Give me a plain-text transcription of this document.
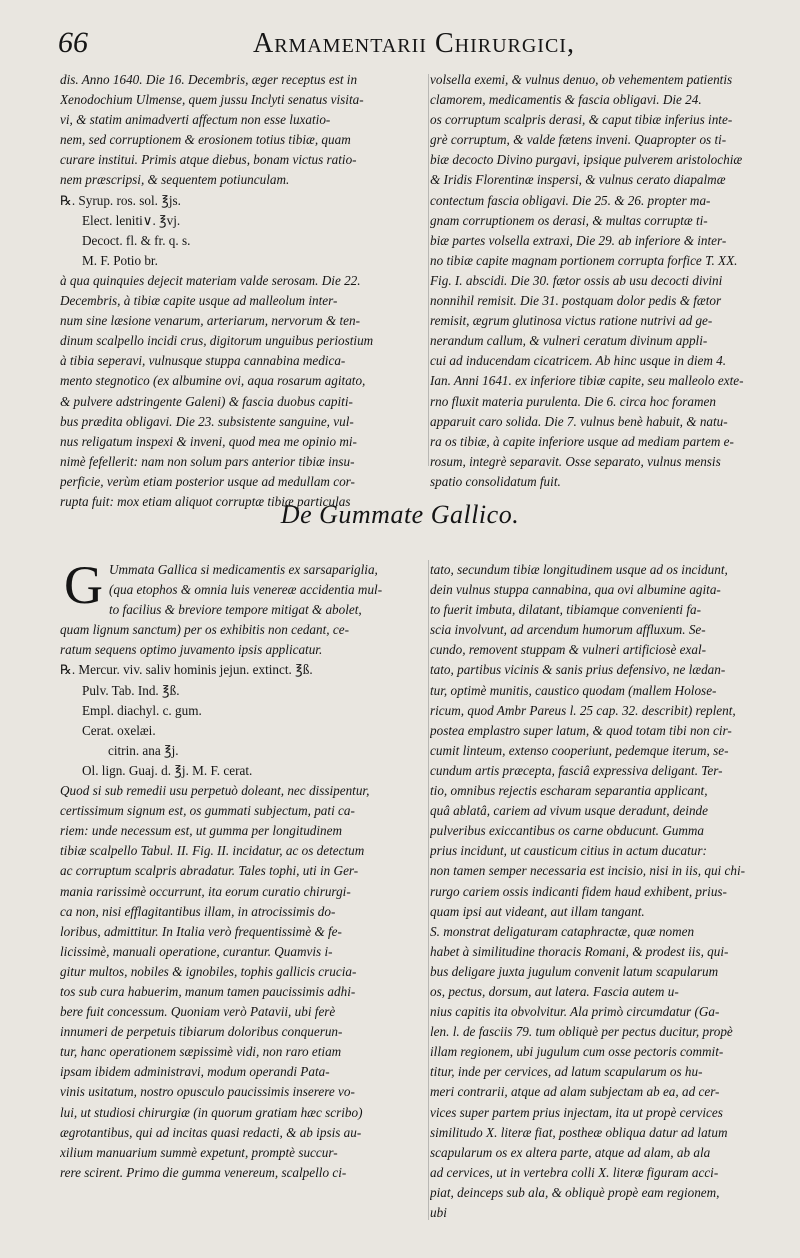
66	Armamentarii Chirurgici,
dis. Anno 1640. Die 16. Decembris, æger receptus est in
Xenodochium Ulmense, quem jussu Inclyti senatus visita-
vi, & statim animadverti affectum non esse luxatio-
nem, sed corruptionem & erosionem totius tibiæ, quam
curare institui. Primis atque diebus, bonam victus ratio-
nem præscripsi, & sequentem potiunculam.
℞. Syrup. ros. sol. ℥js.
Elect. leniti∨. ℥vj.
Decoct. fl. & fr. q. s.
M. F. Potio br.
à qua quinquies dejecit materiam valde serosam. Die 22.
Decembris, à tibiæ capite usque ad malleolum inter-
num sine læsione venarum, arteriarum, nervorum & ten-
dinum scalpello incidi crus, digitorum unguibus periostium
à tibia seperavi, vulnusque stuppa cannabina medica-
mento stegnotico (ex albumine ovi, aqua rosarum agitato,
& pulvere adstringente Galeni) & fascia duobus capiti-
bus prædita obligavi. Die 23. subsistente sanguine, vul-
nus religatum inspexi & inveni, quod mea me opinio mi-
nimè fefellerit: nam non solum pars anterior tibiæ insu-
perficie, verùm etiam posterior usque ad medullam cor-
rupta fuit: mox etiam aliquot corruptæ tibiæ particulas
volsella exemi, & vulnus denuo, ob vehementem patientis
clamorem, medicamentis & fascia obligavi. Die 24.
os corruptum scalpris derasi, & caput tibiæ inferius inte-
grè corruptum, & valde fætens inveni. Quapropter os ti-
biæ decocto Divino purgavi, ipsique pulverem aristolochiæ
& Iridis Florentinæ inspersi, & vulnus cerato diapalmæ
contectum fascia obligavi. Die 25. & 26. propter ma-
gnam corruptionem os derasi, & multas corruptæ ti-
biæ partes volsella extraxi, Die 29. ab inferiore & inter-
no tibiæ capite magnam portionem corrupta forfice T. XX.
Fig. I. abscidi. Die 30. fætor ossis ab usu decocti divini
nonnihil remisit. Die 31. postquam dolor pedis & fætor
remisit, ægrum glutinosa victus ratione nutrivi ad ge-
nerandum callum, & vulneri ceratum divinum appli-
cui ad inducendam cicatricem. Ab hinc usque in diem 4.
Ian. Anni 1641. ex inferiore tibiæ capite, seu malleolo exte-
rno fluxit materia purulenta. Die 6. circa hoc foramen
apparuit caro solida. Die 7. vulnus benè habuit, & natu-
ra os tibiæ, à capite inferiore usque ad mediam partem e-
rosum, integrè separavit. Osse separato, vulnus mensis
spatio consolidatum fuit.
De Gummate Gallico.
G Ummata Gallica si medicamentis ex sarsapariglia,
(qua etophos & omnia luis venereæ accidentia mul-
to facilius & breviore tempore mitigat & abolet,
quam lignum sanctum) per os exhibitis non cedant, ce-
ratum sequens optimo juvamento ipsis applicatur.
℞. Mercur. viv. saliv hominis jejun. extinct. ℥ß.
Pulv. Tab. Ind. ℥ß.
Empl. diachyl. c. gum.
Cerat. oxelæi.
citrin. ana ℥j.
Ol. lign. Guaj. d. ℥j. M. F. cerat.
Quod si sub remedii usu perpetuò doleant, nec dissipentur,
certissimum signum est, os gummati subjectum, pati ca-
riem: unde necessum est, ut gumma per longitudinem
tibiæ scalpello Tabul. II. Fig. II. incidatur, ac os detectum
ac corruptum scalpris abradatur. Tales tophi, uti in Ger-
mania rarissimè occurrunt, ita eorum curatio chirurgi-
ca non, nisi efflagitantibus illam, in atrocissimis do-
loribus, admittitur. In Italia verò frequentissimè & fe-
licissimè, manuali operatione, curantur. Quamvis i-
gitur multos, nobiles & ignobiles, tophis gallicis crucia-
tos sub cura habuerim, manum tamen paucissimis adhi-
bere fuit concessum. Quoniam verò Patavii, ubi ferè
innumeri de perpetuis tibiarum doloribus conquerun-
tur, hanc operationem sæpissimè vidi, non raro etiam
ipsam ibidem administravi, modum operandi Pata-
vinis usitatum, nostro opusculo paucissimis inserere vo-
lui, ut studiosi chirurgiæ (in quorum gratiam hæc scribo)
ægrotantibus, qui ad incitas quasi redacti, & ab ipsis au-
xilium manuarium summè expetunt, promptè succur-
rere scirent. Primo die gumma venereum, scalpello ci-
tato, secundum tibiæ longitudinem usque ad os incidunt,
dein vulnus stuppa cannabina, qua ovi albumine agita-
to fuerit imbuta, dilatant, tibiamque convenienti fa-
scia involvunt, ad arcendum humorum affluxum. Se-
cundo, removent stuppam & vulneri artificiosè exal-
tato, partibus vicinis & sanis prius defensivo, ne lædan-
tur, optimè munitis, caustico quodam (mallem Holose-
ricum, quod Ambr Pareus l. 25 cap. 32. describit) replent,
postea emplastro super latum, & quod totam tibi non cir-
cumit linteum, extenso cooperiunt, pedemque iterum, se-
cundum artis præcepta, fasciâ expressiva deligant. Ter-
tio, omnibus rejectis escharam separantia applicant,
quâ ablatâ, cariem ad vivum usque deradunt, deinde
pulveribus exiccantibus os carne obducunt. Gumma
prius incidunt, ut causticum citius in actum ducatur:
non tamen semper necessaria est incisio, nisi in iis, qui chi-
rurgo cariem ossis indicanti fidem haud exhibent, prius-
quam ipsi aut videant, aut illam tangant.
S. monstrat deligaturam cataphractæ, quæ nomen
habet à similitudine thoracis Romani, & prodest iis, qui-
bus deligare juxta jugulum convenit latum scapularum
os, pectus, dorsum, aut latera. Fascia autem u-
nius capitis ita obvolvitur. Ala primò circumdatur (Ga-
len. l. de fasciis 79. tum obliquè per pectus ducitur, propè
illam regionem, ubi jugulum cum osse pectoris commit-
titur, inde per cervices, ad latum scapularum os hu-
meri contrarii, atque ad alam subjectam ab ea, ad cer-
vices super partem prius injectam, ita ut propè cervices
similitudo X. literæ fiat, postheæ obliqua datur ad latum
scapularum os ex altera parte, atque ad alam, ab ala
ad cervices, ut in vertebra colli X. literæ figuram acci-
piat, deinceps sub ala, & obliquè propè eam regionem,
ubi
